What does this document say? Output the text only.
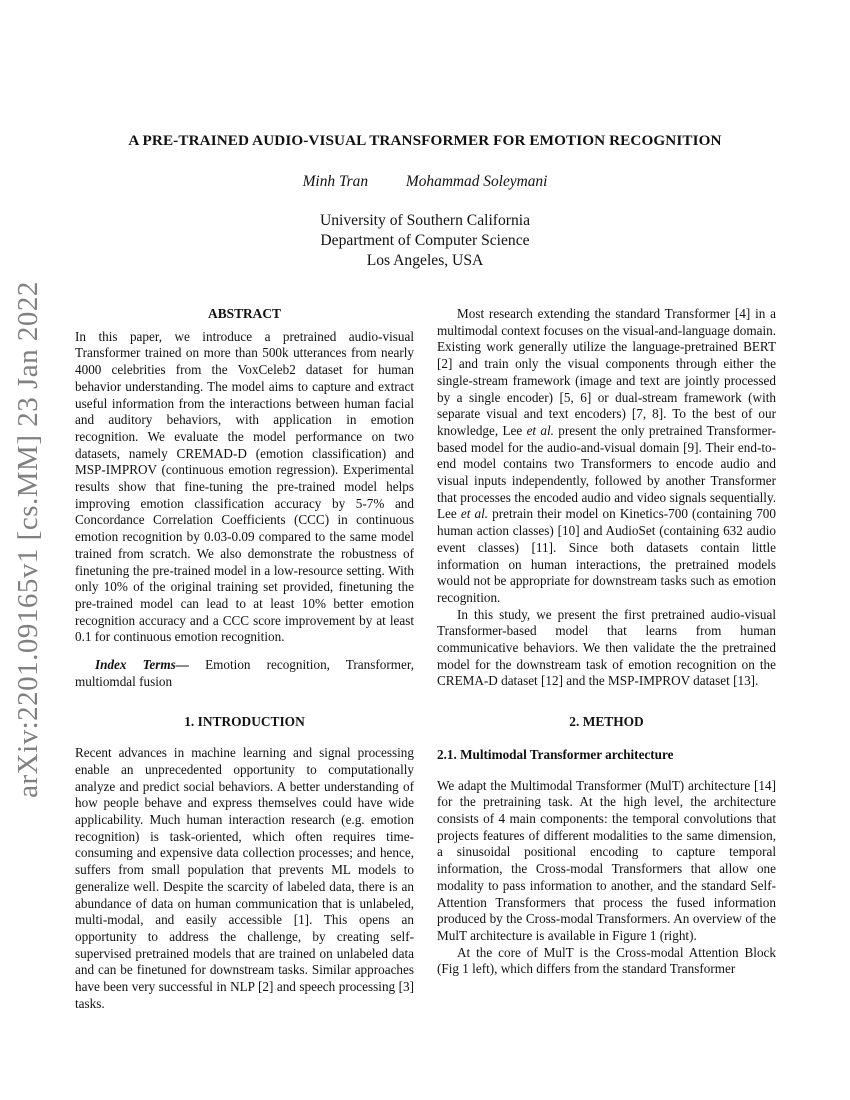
arXiv:2201.09165v1 [cs.MM] 23 Jan 2022
A PRE-TRAINED AUDIO-VISUAL TRANSFORMER FOR EMOTION RECOGNITION
Minh Tran Mohammad Soleymani
University of Southern California
Department of Computer Science
Los Angeles, USA
ABSTRACT

In this paper, we introduce a pretrained audio-visual Transformer trained on more than 500k utterances from nearly 4000 celebrities from the VoxCeleb2 dataset for human behavior understanding. The model aims to capture and extract useful information from the interactions between human facial and auditory behaviors, with application in emotion recognition. We evaluate the model performance on two datasets, namely CREMAD-D (emotion classification) and MSP-IMPROV (continuous emotion regression). Experimental results show that fine-tuning the pre-trained model helps improving emotion classification accuracy by 5-7% and Concordance Correlation Coefficients (CCC) in continuous emotion recognition by 0.03-0.09 compared to the same model trained from scratch. We also demonstrate the robustness of finetuning the pre-trained model in a low-resource setting. With only 10% of the original training set provided, finetuning the pre-trained model can lead to at least 10% better emotion recognition accuracy and a CCC score improvement by at least 0.1 for continuous emotion recognition.

Index Terms— Emotion recognition, Transformer, multiomdal fusion

1. INTRODUCTION

Recent advances in machine learning and signal processing enable an unprecedented opportunity to computationally analyze and predict social behaviors. A better understanding of how people behave and express themselves could have wide applicability. Much human interaction research (e.g. emotion recognition) is task-oriented, which often requires time-consuming and expensive data collection processes; and hence, suffers from small population that prevents ML models to generalize well. Despite the scarcity of labeled data, there is an abundance of data on human communication that is unlabeled, multi-modal, and easily accessible [1]. This opens an opportunity to address the challenge, by creating self-supervised pretrained models that are trained on unlabeled data and can be finetuned for downstream tasks. Similar approaches have been very successful in NLP [2] and speech processing [3] tasks.

Most research extending the standard Transformer [4] in a multimodal context focuses on the visual-and-language domain. Existing work generally utilize the language-pretrained BERT [2] and train only the visual components through either the single-stream framework (image and text are jointly processed by a single encoder) [5, 6] or dual-stream framework (with separate visual and text encoders) [7, 8]. To the best of our knowledge, Lee et al. present the only pretrained Transformer-based model for the audio-and-visual domain [9]. Their end-to-end model contains two Transformers to encode audio and visual inputs independently, followed by another Transformer that processes the encoded audio and video signals sequentially. Lee et al. pretrain their model on Kinetics-700 (containing 700 human action classes) [10] and AudioSet (containing 632 audio event classes) [11]. Since both datasets contain little information on human interactions, the pretrained models would not be appropriate for downstream tasks such as emotion recognition.

In this study, we present the first pretrained audio-visual Transformer-based model that learns from human communicative behaviors. We then validate the the pretrained model for the downstream task of emotion recognition on the CREMA-D dataset [12] and the MSP-IMPROV dataset [13].

2. METHOD
2.1. Multimodal Transformer architecture

We adapt the Multimodal Transformer (MulT) architecture [14] for the pretraining task. At the high level, the architecture consists of 4 main components: the temporal convolutions that projects features of different modalities to the same dimension, a sinusoidal positional encoding to capture temporal information, the Cross-modal Transformers that allow one modality to pass information to another, and the standard Self-Attention Transformers that process the fused information produced by the Cross-modal Transformers. An overview of the MulT architecture is available in Figure 1 (right).

At the core of MulT is the Cross-modal Attention Block (Fig 1 left), which differs from the standard Transformer
